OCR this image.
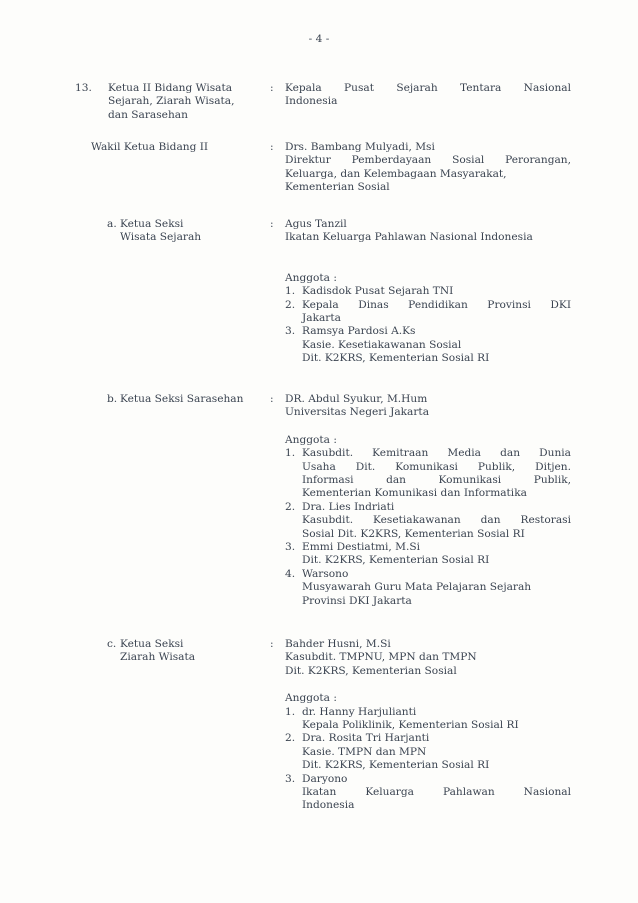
- 4 -
13. Ketua II Bidang Wisata
Sejarah, Ziarah Wisata,
dan Sarasehan
: Kepala Pusat Sejarah Tentara Nasional
Indonesia
Wakil Ketua Bidang II	: Drs. Bambang Mulyadi, Msi
Direktur Pemberdayaan Sosial Perorangan,
Keluarga, dan Kelembagaan Masyarakat,
Kementerian Sosial
a. Ketua Seksi
Wisata Sejarah
: Agus Tanzil
Ikatan Keluarga Pahlawan Nasional Indonesia
Anggota :
1. Kadisdok Pusat Sejarah TNI
2. Kepala Dinas Pendidikan Provinsi DKI
Jakarta
3. Ramsya Pardosi A.Ks
Kasie. Kesetiakawanan Sosial
Dit. K2KRS, Kementerian Sosial RI
b. Ketua Seksi Sarasehan	: DR. Abdul Syukur, M.Hum
Universitas Negeri Jakarta
Anggota :
1. Kasubdit. Kemitraan Media dan Dunia
Usaha Dit. Komunikasi Publik, Ditjen.
Informasi dan Komunikasi Publik,
Kementerian Komunikasi dan Informatika
2. Dra. Lies Indriati
Kasubdit. Kesetiakawanan dan Restorasi
Sosial Dit. K2KRS, Kementerian Sosial RI
3. Emmi Destiatmi, M.Si
Dit. K2KRS, Kementerian Sosial RI
4. Warsono
Musyawarah Guru Mata Pelajaran Sejarah
Provinsi DKI Jakarta
c. Ketua Seksi
Ziarah Wisata
: Bahder Husni, M.Si
Kasubdit. TMPNU, MPN dan TMPN
Dit. K2KRS, Kementerian Sosial
Anggota :
1. dr. Hanny Harjulianti
Kepala Poliklinik, Kementerian Sosial RI
2. Dra. Rosita Tri Harjanti
Kasie. TMPN dan MPN
Dit. K2KRS, Kementerian Sosial RI
3. Daryono
Ikatan Keluarga Pahlawan Nasional
Indonesia
